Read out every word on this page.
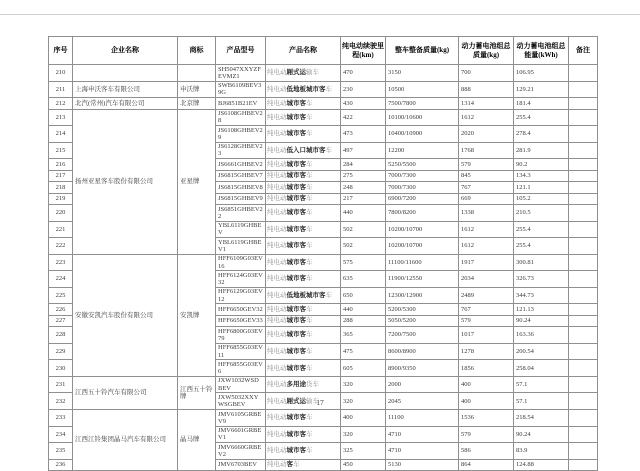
序号	企业名称	商标	产品型号	产品名称	纯电动续驶里程(km)	整车整备质量(kg)	动力蓄电池组总质量(kg)	动力蓄电池组总能量(kWh)	备注
210			SH5047XXYZFEVMZ1	纯电动厢式运输车	470	3150	700	106.95	
211	上海申沃客车有限公司	申沃牌	SWB6109BEV39G	纯电动低地板城市客车	230	10500	888	129.21	
212	北汽(常州)汽车有限公司	北京牌	BJ6851B21EV	纯电动城市客车	430	7500/7800	1314	181.4	
213	扬州亚星客车股份有限公司	亚星牌	JS6108GHBEV28	纯电动城市客车	422	10100/10600	1612	255.4	
214			JS6108GHBEV29	纯电动城市客车	473	10400/10900	2020	278.4	
215			JS6128GHBEV23	纯电动低入口城市客车	497	12200	1768	281.9	
216			JS6661GHBEV2	纯电动城市客车	284	5250/5500	579	90.2	
217			JS6815GHBEV7	纯电动城市客车	275	7000/7300	845	134.3	
218			JS6815GHBEV8	纯电动城市客车	248	7000/7300	767	121.1	
219			JS6815GHBEV9	纯电动城市客车	217	6900/7200	669	105.2	
220			JS6851GHBEV22	纯电动城市客车	440	7800/8200	1338	210.5	
221			YBL6119GHBEV	纯电动城市客车	502	10200/10700	1612	255.4	
222			YBL6119GHBEV1	纯电动城市客车	502	10200/10700	1612	255.4	
223	安徽安凯汽车股份有限公司	安凯牌	HFF6109G03EV16	纯电动城市客车	575	11100/11600	1917	300.81	
224			HFF6124G03EV32	纯电动城市客车	635	11900/12550	2034	326.73	
225			HFF6129G03EV12	纯电动低地板城市客车	650	12300/12900	2489	344.73	
226			HFF6650GEV32	纯电动城市客车	440	5200/5300	767	121.13	
227			HFF6650GEV33	纯电动城市客车	288	5050/5200	579	90.24	
228			HFF6800G03EV79	纯电动城市客车	365	7200/7500	1017	163.36	
229			HFF6855G03EV11	纯电动城市客车	475	8600/8900	1278	200.54	
230			HFF6855G03EV6	纯电动城市客车	605	8900/9350	1856	258.04	
231	江西五十铃汽车有限公司	江西五十铃牌	JXW1032WSDBEV	纯电动多用途货车	320	2000	400	57.1	
232			JXW5032XXYWSGBEV	纯电动厢式运输车	320	2045	400	57.1	
233	江西江铃集团晶马汽车有限公司	晶马牌	JMV6105GRBEV9	纯电动城市客车	400	11100	1536	218.54	
234			JMV6601GRBEV1	纯电动城市客车	320	4710	579	90.24	
235			JMV6660GRBEV2	纯电动城市客车	325	4710	586	83.9	
236			JMV6703BEV	纯电动客车	450	5130	864	124.88	
17
